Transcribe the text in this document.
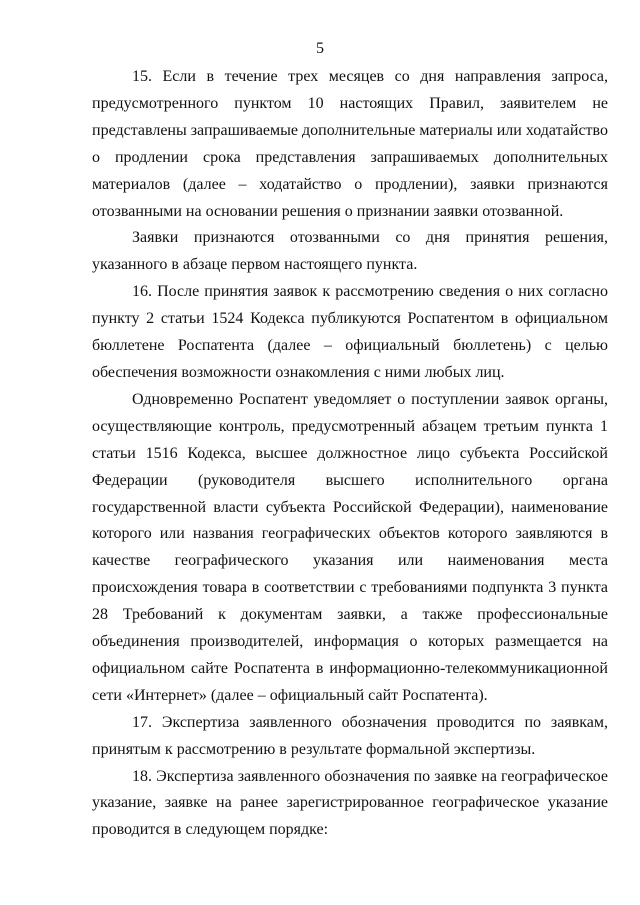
5

15. Если в течение трех месяцев со дня направления запроса, предусмотренного пунктом 10 настоящих Правил, заявителем не представлены запрашиваемые дополнительные материалы или ходатайство о продлении срока представления запрашиваемых дополнительных материалов (далее – ходатайство о продлении), заявки признаются отозванными на основании решения о признании заявки отозванной.

Заявки признаются отозванными со дня принятия решения, указанного в абзаце первом настоящего пункта.

16. После принятия заявок к рассмотрению сведения о них согласно пункту 2 статьи 1524 Кодекса публикуются Роспатентом в официальном бюллетене Роспатента (далее – официальный бюллетень) с целью обеспечения возможности ознакомления с ними любых лиц.

Одновременно Роспатент уведомляет о поступлении заявок органы, осуществляющие контроль, предусмотренный абзацем третьим пункта 1 статьи 1516 Кодекса, высшее должностное лицо субъекта Российской Федерации (руководителя высшего исполнительного органа государственной власти субъекта Российской Федерации), наименование которого или названия географических объектов которого заявляются в качестве географического указания или наименования места происхождения товара в соответствии с требованиями подпункта 3 пункта 28 Требований к документам заявки, а также профессиональные объединения производителей, информация о которых размещается на официальном сайте Роспатента в информационно-телекоммуникационной сети «Интернет» (далее – официальный сайт Роспатента).

17. Экспертиза заявленного обозначения проводится по заявкам, принятым к рассмотрению в результате формальной экспертизы.

18. Экспертиза заявленного обозначения по заявке на географическое указание, заявке на ранее зарегистрированное географическое указание проводится в следующем порядке:
